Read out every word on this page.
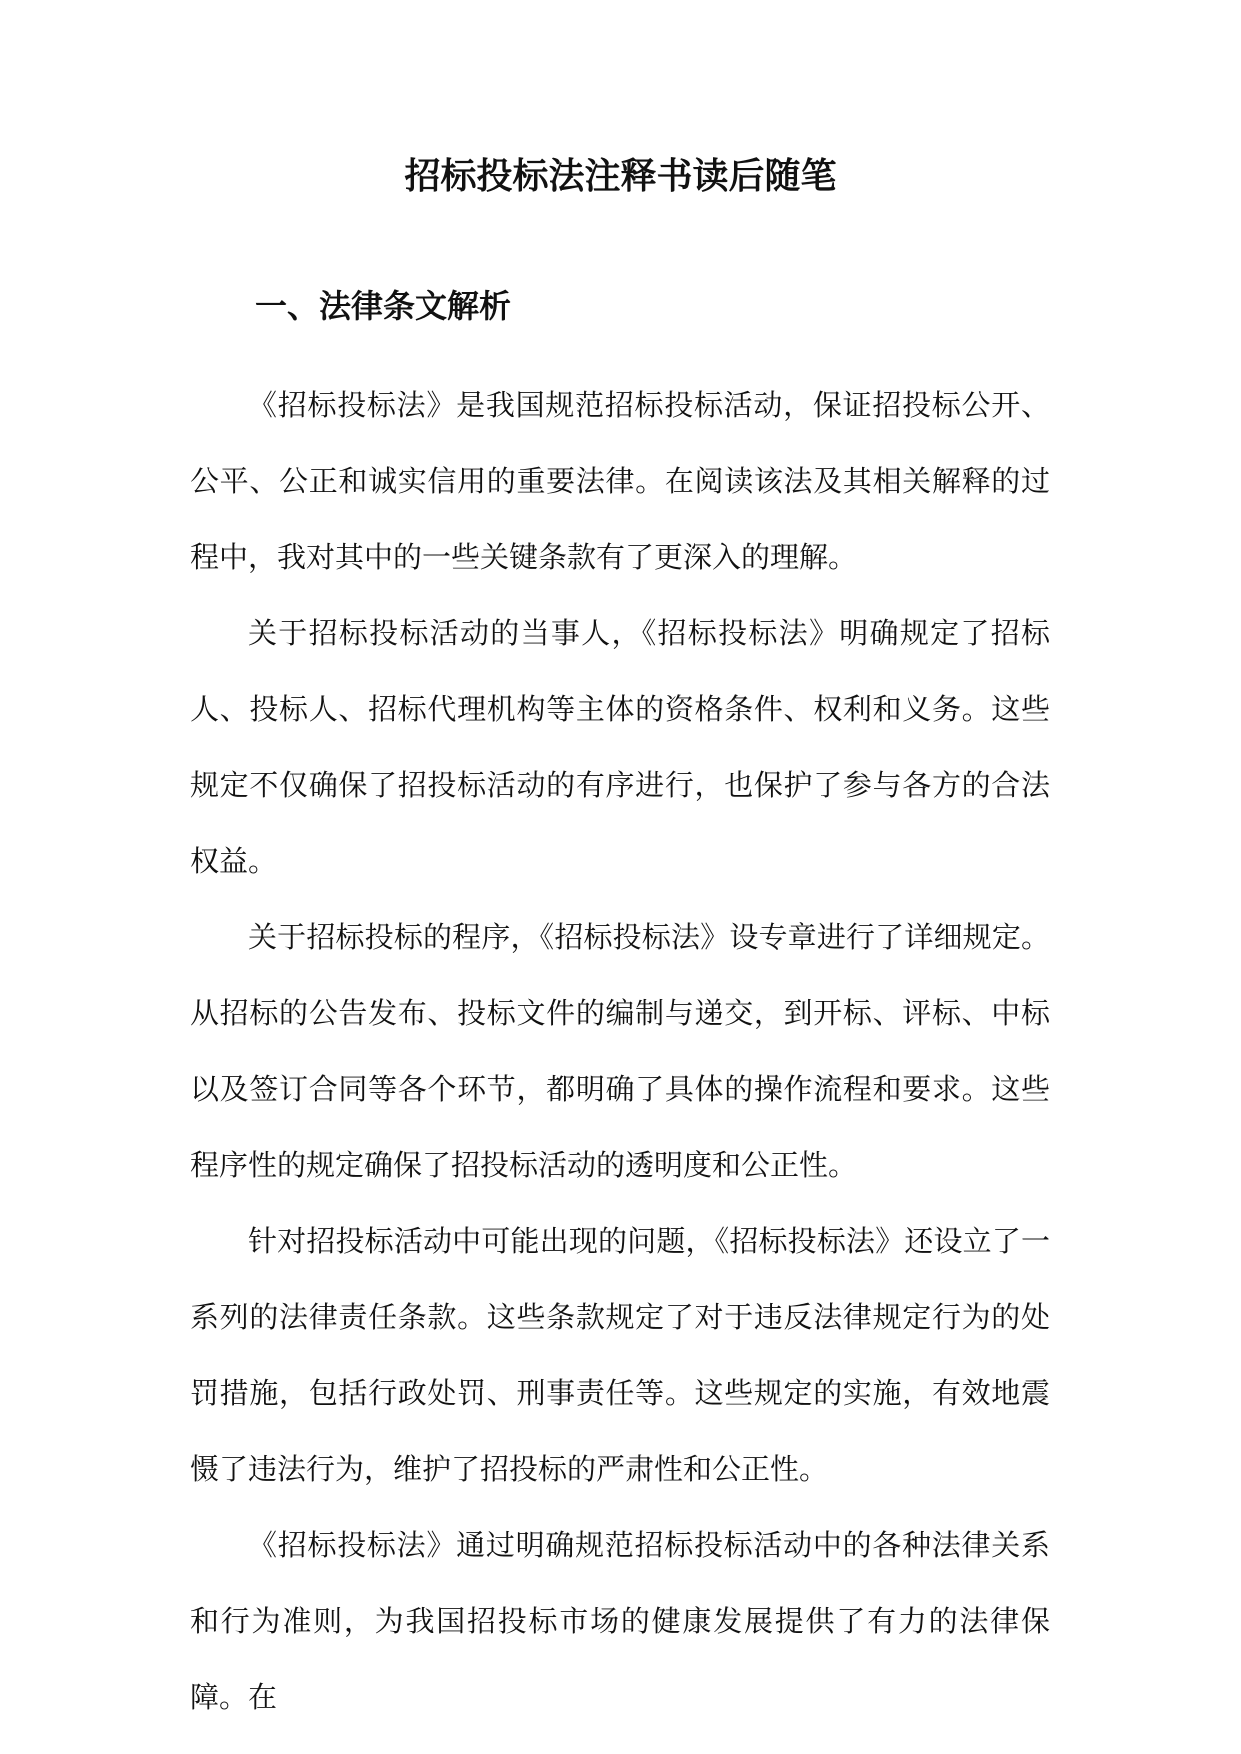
招标投标法注释书读后随笔
一、法律条文解析

《招标投标法》是我国规范招标投标活动，保证招投标公开、公平、公正和诚实信用的重要法律。在阅读该法及其相关解释的过程中，我对其中的一些关键条款有了更深入的理解。

关于招标投标活动的当事人，《招标投标法》明确规定了招标人、投标人、招标代理机构等主体的资格条件、权利和义务。这些规定不仅确保了招投标活动的有序进行，也保护了参与各方的合法权益。

关于招标投标的程序，《招标投标法》设专章进行了详细规定。从招标的公告发布、投标文件的编制与递交，到开标、评标、中标以及签订合同等各个环节，都明确了具体的操作流程和要求。这些程序性的规定确保了招投标活动的透明度和公正性。

针对招投标活动中可能出现的问题，《招标投标法》还设立了一系列的法律责任条款。这些条款规定了对于违反法律规定行为的处罚措施，包括行政处罚、刑事责任等。这些规定的实施，有效地震慑了违法行为，维护了招投标的严肃性和公正性。

《招标投标法》通过明确规范招标投标活动中的各种法律关系和行为准则，为我国招投标市场的健康发展提供了有力的法律保障。在
